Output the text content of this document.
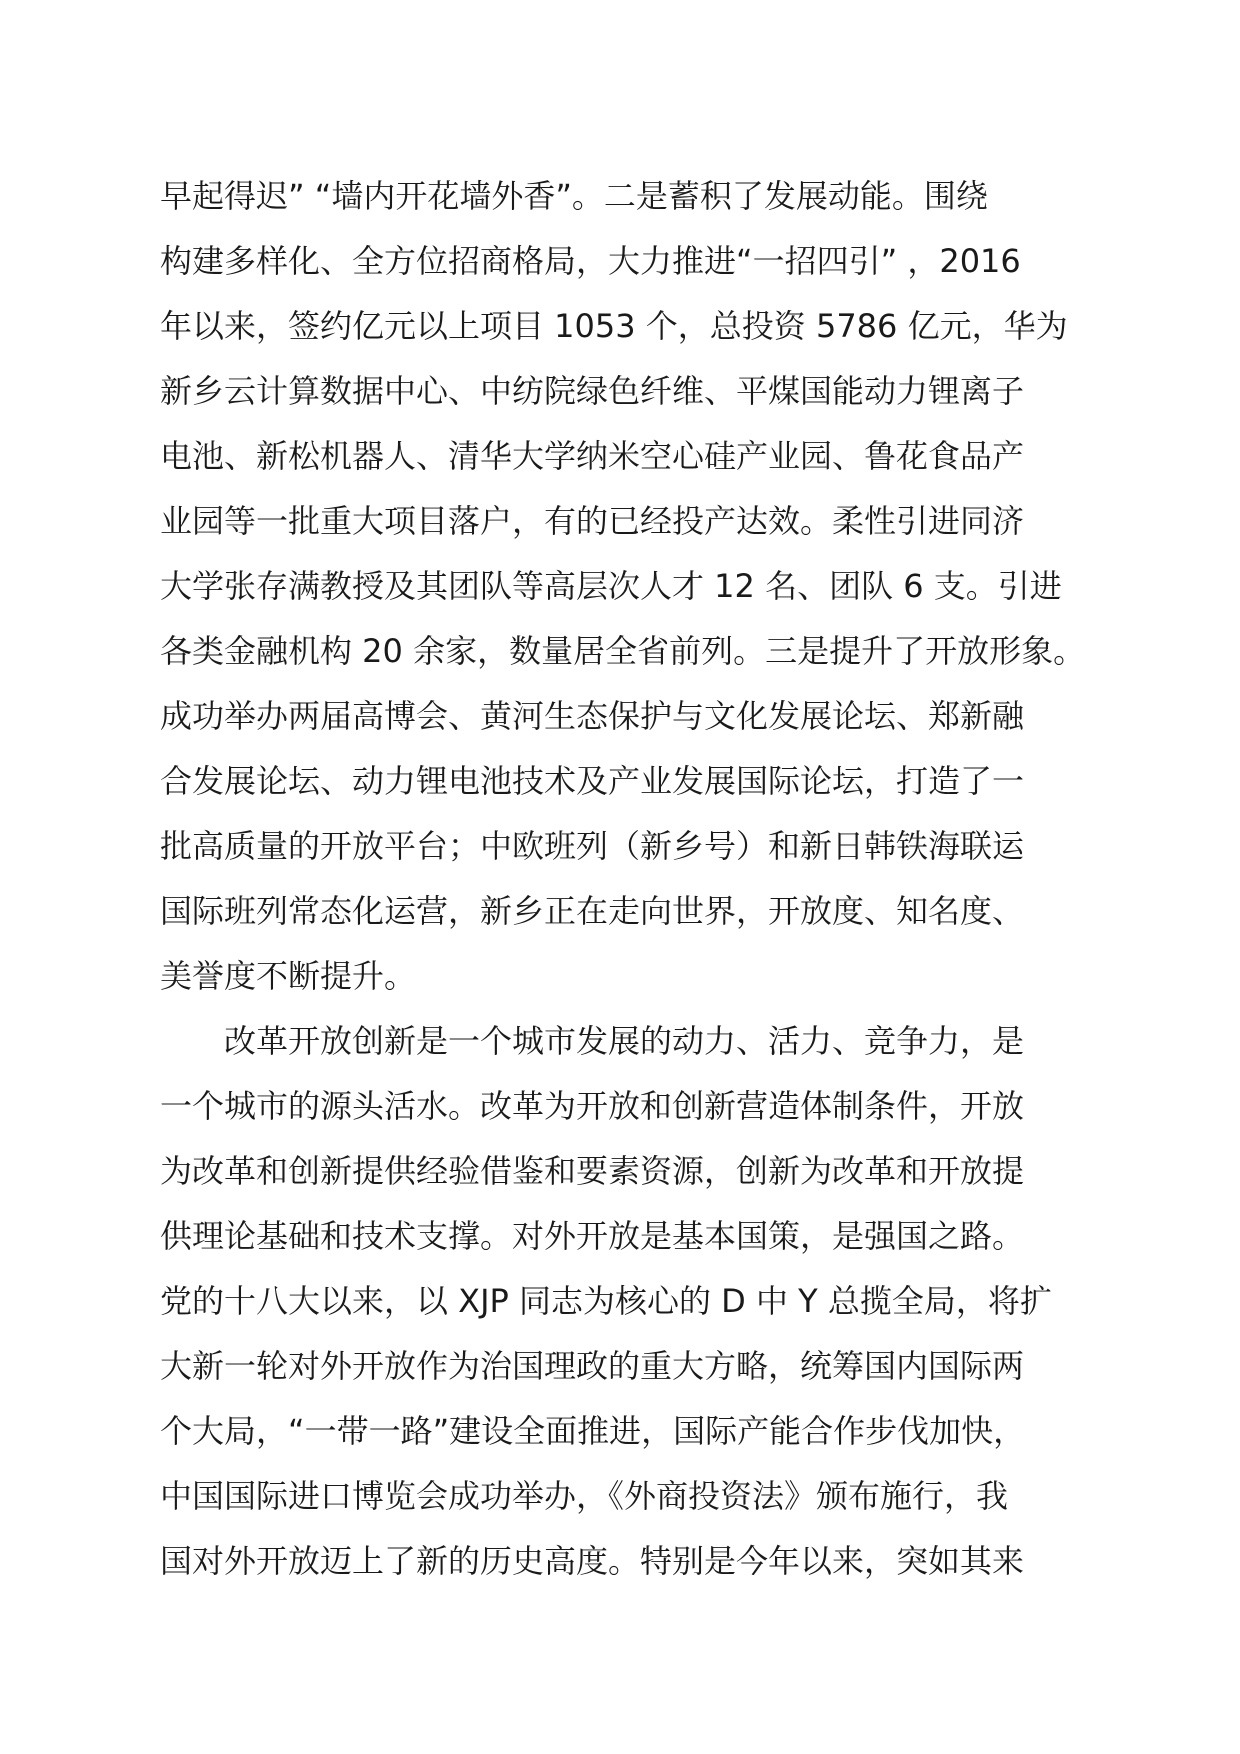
早起得迟” “墙内开花墙外香”。二是蓄积了发展动能。围绕
构建多样化、全方位招商格局，大力推进“一招四引” ，2016
年以来，签约亿元以上项目 1053 个，总投资 5786 亿元，华为
新乡云计算数据中心、中纺院绿色纤维、平煤国能动力锂离子
电池、新松机器人、清华大学纳米空心硅产业园、鲁花食品产
业园等一批重大项目落户，有的已经投产达效。柔性引进同济
大学张存满教授及其团队等高层次人才 12 名、团队 6 支。引进
各类金融机构 20 余家，数量居全省前列。三是提升了开放形象。
成功举办两届高博会、黄河生态保护与文化发展论坛、郑新融
合发展论坛、动力锂电池技术及产业发展国际论坛，打造了一
批高质量的开放平台；中欧班列（新乡号）和新日韩铁海联运
国际班列常态化运营，新乡正在走向世界，开放度、知名度、
美誉度不断提升。
改革开放创新是一个城市发展的动力、活力、竞争力，是
一个城市的源头活水。改革为开放和创新营造体制条件，开放
为改革和创新提供经验借鉴和要素资源，创新为改革和开放提
供理论基础和技术支撑。对外开放是基本国策，是强国之路。
党的十八大以来，以 XJP 同志为核心的 D 中 Y 总揽全局，将扩
大新一轮对外开放作为治国理政的重大方略，统筹国内国际两
个大局，“一带一路”建设全面推进，国际产能合作步伐加快，
中国国际进口博览会成功举办，《外商投资法》颁布施行，我
国对外开放迈上了新的历史高度。特别是今年以来，突如其来
